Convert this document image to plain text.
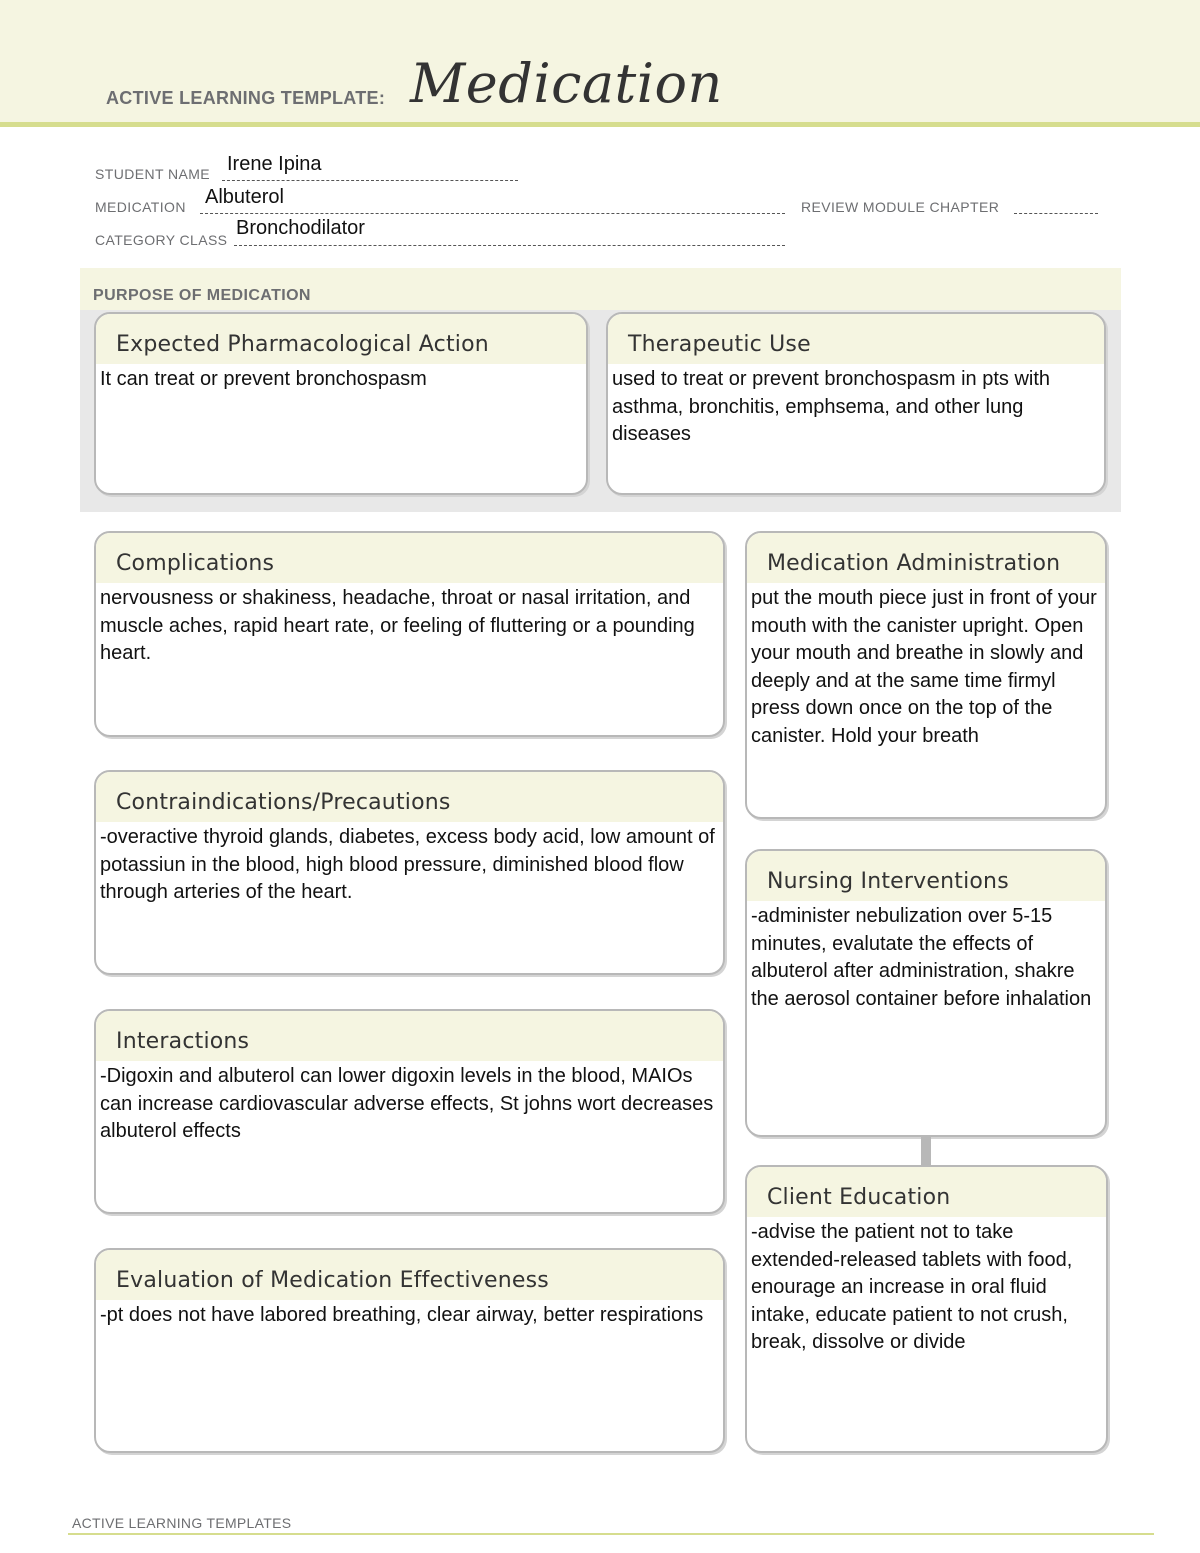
ACTIVE LEARNING TEMPLATE: Medication
STUDENT NAME Irene Ipina
MEDICATION Albuterol	REVIEW MODULE CHAPTER
CATEGORY CLASS
Bronchodilator
PURPOSE OF MEDICATION
Expected Pharmacological Action
It can treat or prevent bronchospasm
Therapeutic Use
used to treat or prevent bronchospasm in pts with asthma, bronchitis, emphsema, and other lung diseases
Complications
nervousness or shakiness, headache, throat or nasal irritation, and muscle aches, rapid heart rate, or feeling of fluttering or a pounding heart.
Contraindications/Precautions
-overactive thyroid glands, diabetes, excess body acid, low amount of potassiun in the blood, high blood pressure, diminished blood flow through arteries of the heart.
Interactions
-Digoxin and albuterol can lower digoxin levels in the blood, MAIOs can increase cardiovascular adverse effects, St johns wort decreases albuterol effects
Evaluation of Medication Effectiveness
-pt does not have labored breathing, clear airway, better respirations
Medication Administration
put the mouth piece just in front of your mouth with the canister upright. Open your mouth and breathe in slowly and deeply and at the same time firmyl press down once on the top of the canister. Hold your breath
Nursing Interventions
-administer nebulization over 5-15 minutes, evalutate the effects of albuterol after administration, shakre the aerosol container before inhalation
Client Education
-advise the patient not to take extended-released tablets with food, enourage an increase in oral fluid intake, educate patient to not crush, break, dissolve or divide
ACTIVE LEARNING TEMPLATES
